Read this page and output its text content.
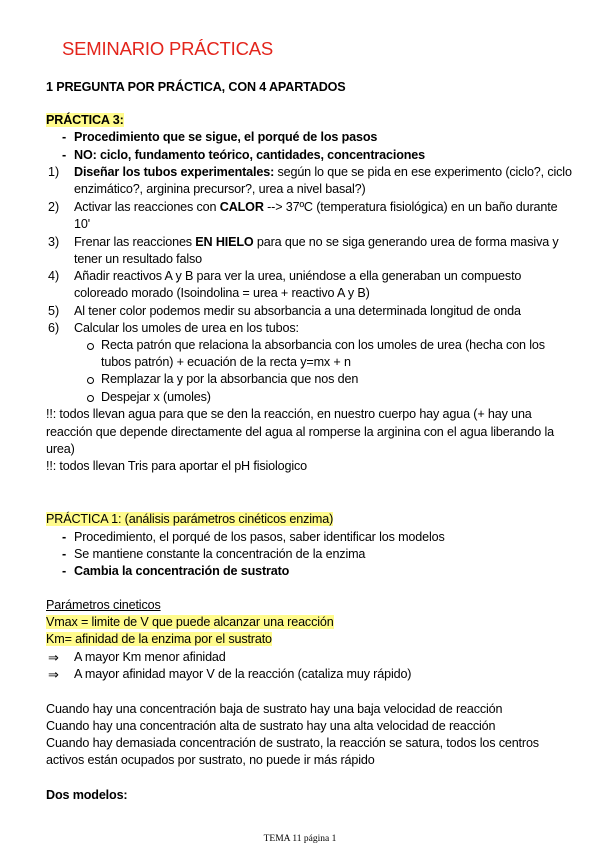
SEMINARIO PRÁCTICAS
1 PREGUNTA POR PRÁCTICA, CON 4 APARTADOS
PRÁCTICA 3:
- Procedimiento que se sigue, el porqué de los pasos
- NO: ciclo, fundamento teórico, cantidades, concentraciones
1) Diseñar los tubos experimentales: según lo que se pida en ese experimento (ciclo?, ciclo
enzimático?, arginina precursor?, urea a nivel basal?)
2) Activar las reacciones con CALOR --> 37ºC (temperatura fisiológica) en un baño durante
10'
3) Frenar las reacciones EN HIELO para que no se siga generando urea de forma masiva y
tener un resultado falso
4) Añadir reactivos A y B para ver la urea, uniéndose a ella generaban un compuesto
coloreado morado (Isoindolina = urea + reactivo A y B)
5) Al tener color podemos medir su absorbancia a una determinada longitud de onda
6) Calcular los umoles de urea en los tubos:
Recta patrón que relaciona la absorbancia con los umoles de urea (hecha con los
tubos patrón) + ecuación de la recta y=mx + n
Remplazar la y por la absorbancia que nos den
Despejar x (umoles)
!!: todos llevan agua para que se den la reacción, en nuestro cuerpo hay agua (+ hay una
reacción que depende directamente del agua al romperse la arginina con el agua liberando la
urea)
!!: todos llevan Tris para aportar el pH fisiologico
PRÁCTICA 1: (análisis parámetros cinéticos enzima)
- Procedimiento, el porqué de los pasos, saber identificar los modelos
- Se mantiene constante la concentración de la enzima
- Cambia la concentración de sustrato
Parámetros cineticos
Vmax = limite de V que puede alcanzar una reacción
Km= afinidad de la enzima por el sustrato
⇒ A mayor Km menor afinidad
⇒ A mayor afinidad mayor V de la reacción (cataliza muy rápido)
Cuando hay una concentración baja de sustrato hay una baja velocidad de reacción
Cuando hay una concentración alta de sustrato hay una alta velocidad de reacción
Cuando hay demasiada concentración de sustrato, la reacción se satura, todos los centros
activos están ocupados por sustrato, no puede ir más rápido
Dos modelos:
TEMA 11 página 1
